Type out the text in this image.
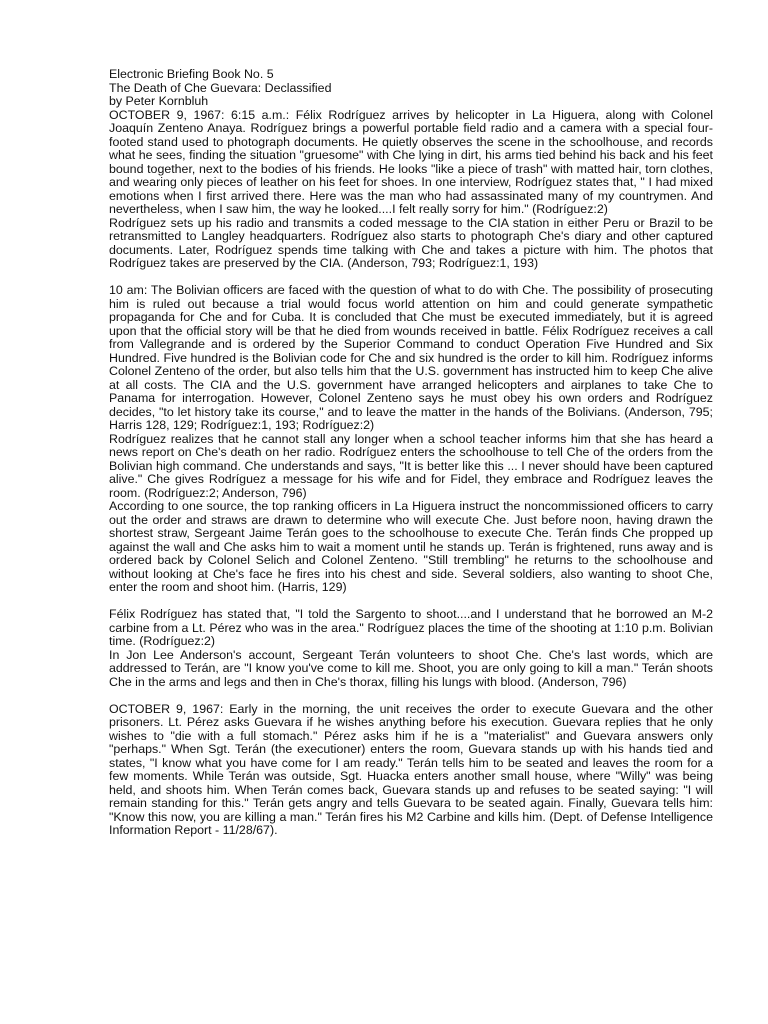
Electronic Briefing Book No. 5

The Death of Che Guevara: Declassified

by Peter Kornbluh

OCTOBER 9, 1967: 6:15 a.m.: Félix Rodríguez arrives by helicopter in La Higuera, along with Colonel Joaquín Zenteno Anaya. Rodríguez brings a powerful portable field radio and a camera with a special four-footed stand used to photograph documents. He quietly observes the scene in the schoolhouse, and records what he sees, finding the situation "gruesome" with Che lying in dirt, his arms tied behind his back and his feet bound together, next to the bodies of his friends. He looks "like a piece of trash" with matted hair, torn clothes, and wearing only pieces of leather on his feet for shoes. In one interview, Rodríguez states that, " I had mixed emotions when I first arrived there. Here was the man who had assassinated many of my countrymen. And nevertheless, when I saw him, the way he looked....I felt really sorry for him." (Rodríguez:2)

Rodríguez sets up his radio and transmits a coded message to the CIA station in either Peru or Brazil to be retransmitted to Langley headquarters. Rodríguez also starts to photograph Che's diary and other captured documents. Later, Rodríguez spends time talking with Che and takes a picture with him. The photos that Rodríguez takes are preserved by the CIA. (Anderson, 793; Rodríguez:1, 193)

10 am: The Bolivian officers are faced with the question of what to do with Che. The possibility of prosecuting him is ruled out because a trial would focus world attention on him and could generate sympathetic propaganda for Che and for Cuba. It is concluded that Che must be executed immediately, but it is agreed upon that the official story will be that he died from wounds received in battle. Félix Rodríguez receives a call from Vallegrande and is ordered by the Superior Command to conduct Operation Five Hundred and Six Hundred. Five hundred is the Bolivian code for Che and six hundred is the order to kill him. Rodríguez informs Colonel Zenteno of the order, but also tells him that the U.S. government has instructed him to keep Che alive at all costs. The CIA and the U.S. government have arranged helicopters and airplanes to take Che to Panama for interrogation. However, Colonel Zenteno says he must obey his own orders and Rodríguez decides, "to let history take its course," and to leave the matter in the hands of the Bolivians. (Anderson, 795; Harris 128, 129; Rodríguez:1, 193; Rodríguez:2)

Rodríguez realizes that he cannot stall any longer when a school teacher informs him that she has heard a news report on Che's death on her radio. Rodríguez enters the schoolhouse to tell Che of the orders from the Bolivian high command. Che understands and says, "It is better like this ... I never should have been captured alive." Che gives Rodríguez a message for his wife and for Fidel, they embrace and Rodríguez leaves the room. (Rodríguez:2; Anderson, 796)

According to one source, the top ranking officers in La Higuera instruct the noncommissioned officers to carry out the order and straws are drawn to determine who will execute Che. Just before noon, having drawn the shortest straw, Sergeant Jaime Terán goes to the schoolhouse to execute Che. Terán finds Che propped up against the wall and Che asks him to wait a moment until he stands up. Terán is frightened, runs away and is ordered back by Colonel Selich and Colonel Zenteno. "Still trembling" he returns to the schoolhouse and without looking at Che's face he fires into his chest and side. Several soldiers, also wanting to shoot Che, enter the room and shoot him. (Harris, 129)

Félix Rodríguez has stated that, "I told the Sargento to shoot....and I understand that he borrowed an M-2 carbine from a Lt. Pérez who was in the area." Rodríguez places the time of the shooting at 1:10 p.m. Bolivian time. (Rodríguez:2)

In Jon Lee Anderson's account, Sergeant Terán volunteers to shoot Che. Che's last words, which are addressed to Terán, are "I know you've come to kill me. Shoot, you are only going to kill a man." Terán shoots Che in the arms and legs and then in Che's thorax, filling his lungs with blood. (Anderson, 796)

OCTOBER 9, 1967: Early in the morning, the unit receives the order to execute Guevara and the other prisoners. Lt. Pérez asks Guevara if he wishes anything before his execution. Guevara replies that he only wishes to "die with a full stomach." Pérez asks him if he is a "materialist" and Guevara answers only "perhaps." When Sgt. Terán (the executioner) enters the room, Guevara stands up with his hands tied and states, "I know what you have come for I am ready." Terán tells him to be seated and leaves the room for a few moments. While Terán was outside, Sgt. Huacka enters another small house, where "Willy" was being held, and shoots him. When Terán comes back, Guevara stands up and refuses to be seated saying: "I will remain standing for this." Terán gets angry and tells Guevara to be seated again. Finally, Guevara tells him: "Know this now, you are killing a man." Terán fires his M2 Carbine and kills him. (Dept. of Defense Intelligence Information Report - 11/28/67).
